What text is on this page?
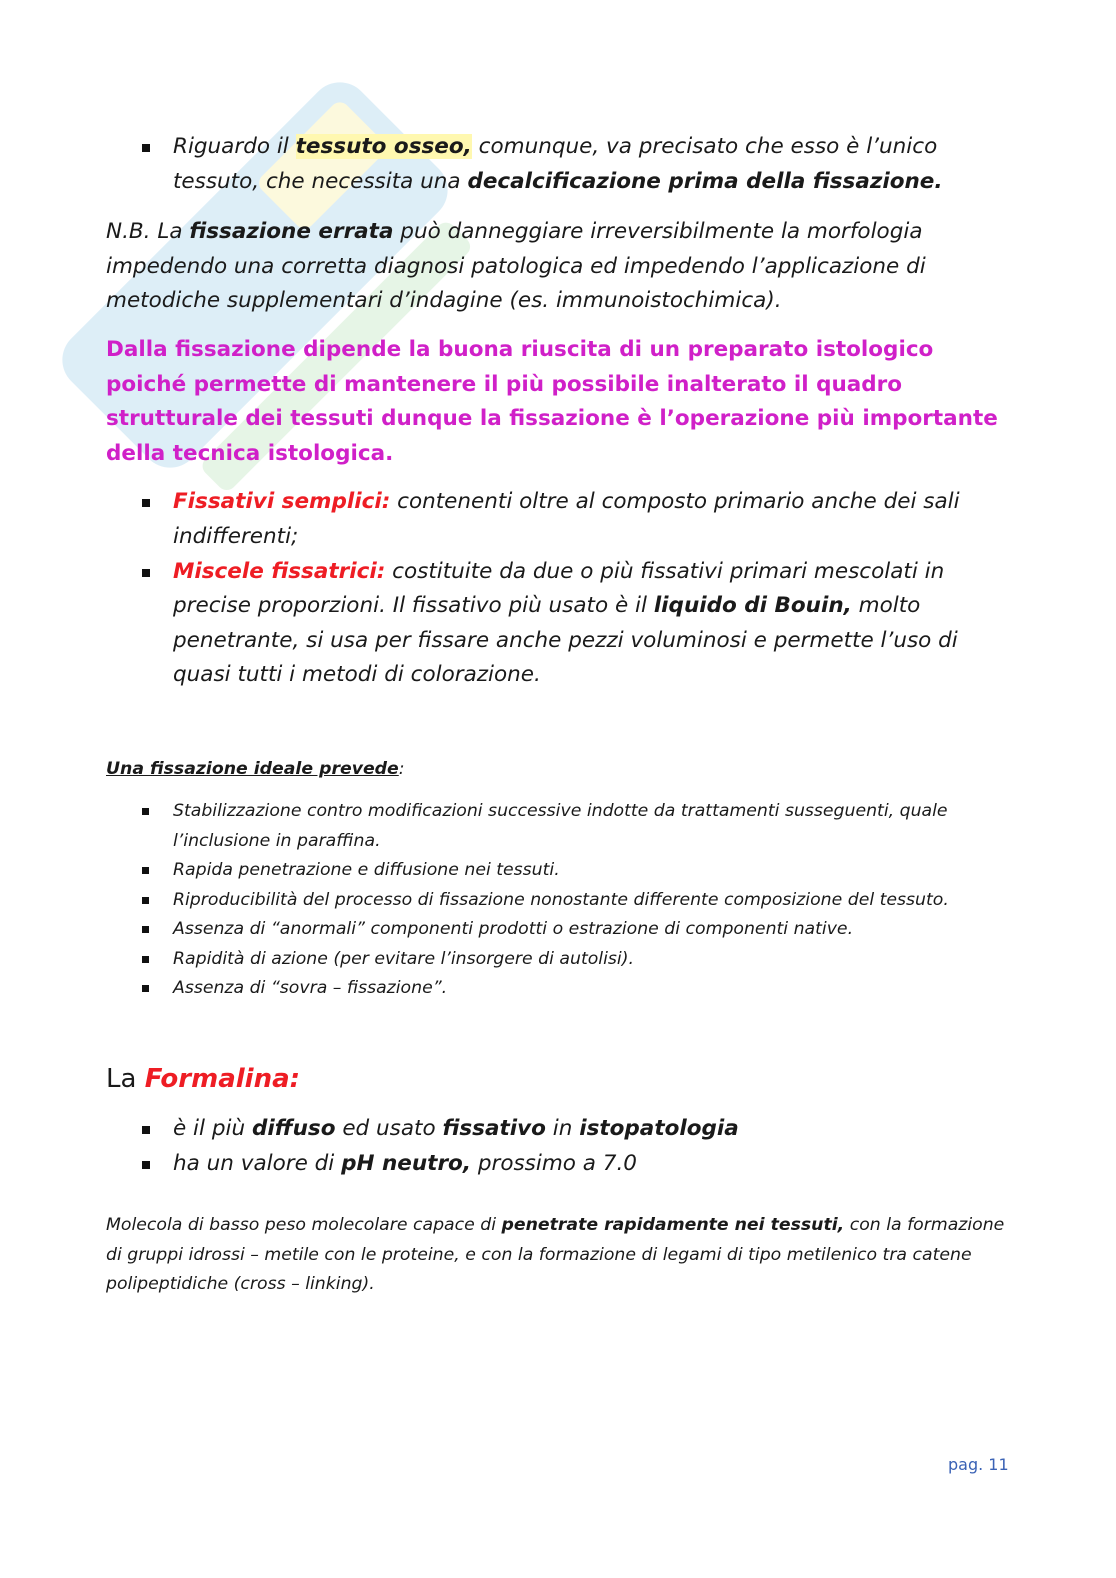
Riguardo il tessuto osseo, comunque, va precisato che esso è l’unico tessuto, che necessita una decalcificazione prima della fissazione.

N.B. La fissazione errata può danneggiare irreversibilmente la morfologia impedendo una corretta diagnosi patologica ed impedendo l’applicazione di metodiche supplementari d’indagine (es. immunoistochimica).

Dalla fissazione dipende la buona riuscita di un preparato istologico poiché permette di mantenere il più possibile inalterato il quadro strutturale dei tessuti dunque la fissazione è l’operazione più importante della tecnica istologica.

Fissativi semplici: contenenti oltre al composto primario anche dei sali indifferenti;
Miscele fissatrici: costituite da due o più fissativi primari mescolati in precise proporzioni. Il fissativo più usato è il liquido di Bouin, molto penetrante, si usa per fissare anche pezzi voluminosi e permette l’uso di quasi tutti i metodi di colorazione.

Una fissazione ideale prevede:

Stabilizzazione contro modificazioni successive indotte da trattamenti susseguenti, quale l’inclusione in paraffina.
Rapida penetrazione e diffusione nei tessuti.
Riproducibilità del processo di fissazione nonostante differente composizione del tessuto.
Assenza di “anormali” componenti prodotti o estrazione di componenti native.
Rapidità di azione (per evitare l’insorgere di autolisi).
Assenza di “sovra – fissazione”.

La Formalina:

è il più diffuso ed usato fissativo in istopatologia
ha un valore di pH neutro, prossimo a 7.0

Molecola di basso peso molecolare capace di penetrate rapidamente nei tessuti, con la formazione di gruppi idrossi – metile con le proteine, e con la formazione di legami di tipo metilenico tra catene polipeptidiche (cross – linking).

pag. 11
